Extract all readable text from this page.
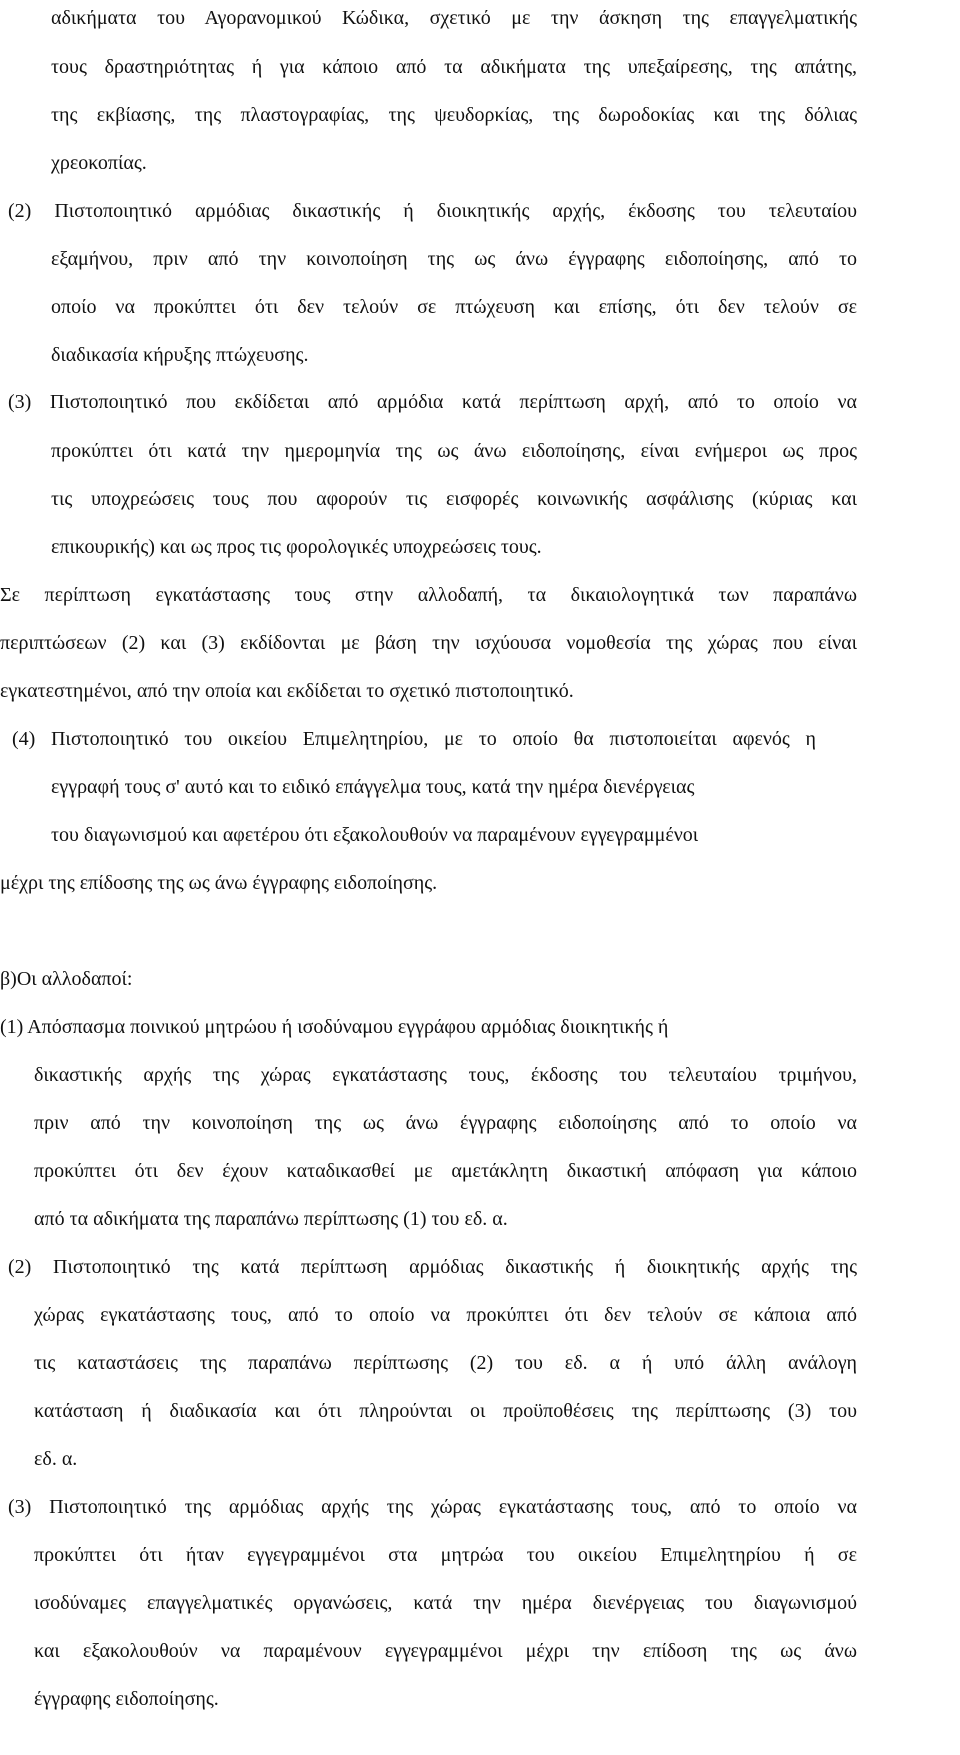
αδικήματα του Αγορανομικού Κώδικα, σχετικό με την άσκηση της επαγγελματικής

τους δραστηριότητας ή για κάποιο από τα αδικήματα της υπεξαίρεσης, της απάτης,

της εκβίασης, της πλαστογραφίας, της ψευδορκίας, της δωροδοκίας και της δόλιας

χρεοκοπίας.

(2) Πιστοποιητικό αρμόδιας δικαστικής ή διοικητικής αρχής, έκδοσης του τελευταίου

εξαμήνου, πριν από την κοινοποίηση της ως άνω έγγραφης ειδοποίησης, από το

οποίο να προκύπτει ότι δεν τελούν σε πτώχευση και επίσης, ότι δεν τελούν σε

διαδικασία κήρυξης πτώχευσης.

(3) Πιστοποιητικό που εκδίδεται από αρμόδια κατά περίπτωση αρχή, από το οποίο να

προκύπτει ότι κατά την ημερομηνία της ως άνω ειδοποίησης, είναι ενήμεροι ως προς

τις υποχρεώσεις τους που αφορούν τις εισφορές κοινωνικής ασφάλισης (κύριας και

επικουρικής) και ως προς τις φορολογικές υποχρεώσεις τους.

Σε περίπτωση εγκατάστασης τους στην αλλοδαπή, τα δικαιολογητικά των παραπάνω

περιπτώσεων (2) και (3) εκδίδονται με βάση την ισχύουσα νομοθεσία της χώρας που είναι

εγκατεστημένοι, από την οποία και εκδίδεται το σχετικό πιστοποιητικό.

(4) Πιστοποιητικό του οικείου Επιμελητηρίου, με το οποίο θα πιστοποιείται αφενός η

εγγραφή τους σ' αυτό και το ειδικό επάγγελμα τους, κατά την ημέρα διενέργειας

του διαγωνισμού και αφετέρου ότι εξακολουθούν να παραμένουν εγγεγραμμένοι

μέχρι της επίδοσης της ως άνω έγγραφης ειδοποίησης.

β)Οι αλλοδαποί:

(1) Απόσπασμα ποινικού μητρώου ή ισοδύναμου εγγράφου αρμόδιας διοικητικής ή

δικαστικής αρχής της χώρας εγκατάστασης τους, έκδοσης του τελευταίου τριμήνου,

πριν από την κοινοποίηση της ως άνω έγγραφης ειδοποίησης από το οποίο να

προκύπτει ότι δεν έχουν καταδικασθεί με αμετάκλητη δικαστική απόφαση για κάποιο

από τα αδικήματα της παραπάνω περίπτωσης (1) του εδ. α.

(2) Πιστοποιητικό της κατά περίπτωση αρμόδιας δικαστικής ή διοικητικής αρχής της

χώρας εγκατάστασης τους, από το οποίο να προκύπτει ότι δεν τελούν σε κάποια από

τις καταστάσεις της παραπάνω περίπτωσης (2) του εδ. α ή υπό άλλη ανάλογη

κατάσταση ή διαδικασία και ότι πληρούνται οι προϋποθέσεις της περίπτωσης (3) του

εδ. α.

(3) Πιστοποιητικό της αρμόδιας αρχής της χώρας εγκατάστασης τους, από το οποίο να

προκύπτει ότι ήταν εγγεγραμμένοι στα μητρώα του οικείου Επιμελητηρίου ή σε

ισοδύναμες επαγγελματικές οργανώσεις, κατά την ημέρα διενέργειας του διαγωνισμού

και εξακολουθούν να παραμένουν εγγεγραμμένοι μέχρι την επίδοση της ως άνω

έγγραφης ειδοποίησης.
